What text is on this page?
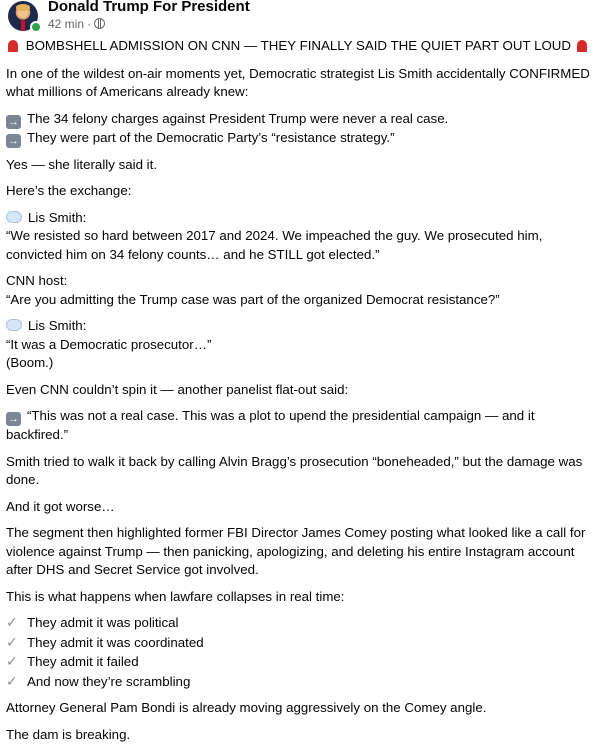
Donald Trump For President
42 min ·

BOMBSHELL ADMISSION ON CNN — THEY FINALLY SAID THE QUIET PART OUT LOUD

In one of the wildest on-air moments yet, Democratic strategist Lis Smith accidentally CONFIRMED what millions of Americans already knew:

→ The 34 felony charges against President Trump were never a real case.

→ They were part of the Democratic Party’s “resistance strategy.”

Yes — she literally said it.

Here’s the exchange:

Lis Smith:

“We resisted so hard between 2017 and 2024. We impeached the guy. We prosecuted him, convicted him on 34 felony counts… and he STILL got elected.”

CNN host:

“Are you admitting the Trump case was part of the organized Democrat resistance?”

Lis Smith:

“It was a Democratic prosecutor…”

(Boom.)

Even CNN couldn’t spin it — another panelist flat-out said:

→ “This was not a real case. This was a plot to upend the presidential campaign — and it backfired.”

Smith tried to walk it back by calling Alvin Bragg’s prosecution “boneheaded,” but the damage was done.

And it got worse…

The segment then highlighted former FBI Director James Comey posting what looked like a call for violence against Trump — then panicking, apologizing, and deleting his entire Instagram account after DHS and Secret Service got involved.

This is what happens when lawfare collapses in real time:

✓ They admit it was political

✓ They admit it was coordinated

✓ They admit it failed

✓ And now they’re scrambling

Attorney General Pam Bondi is already moving aggressively on the Comey angle.

The dam is breaking.
